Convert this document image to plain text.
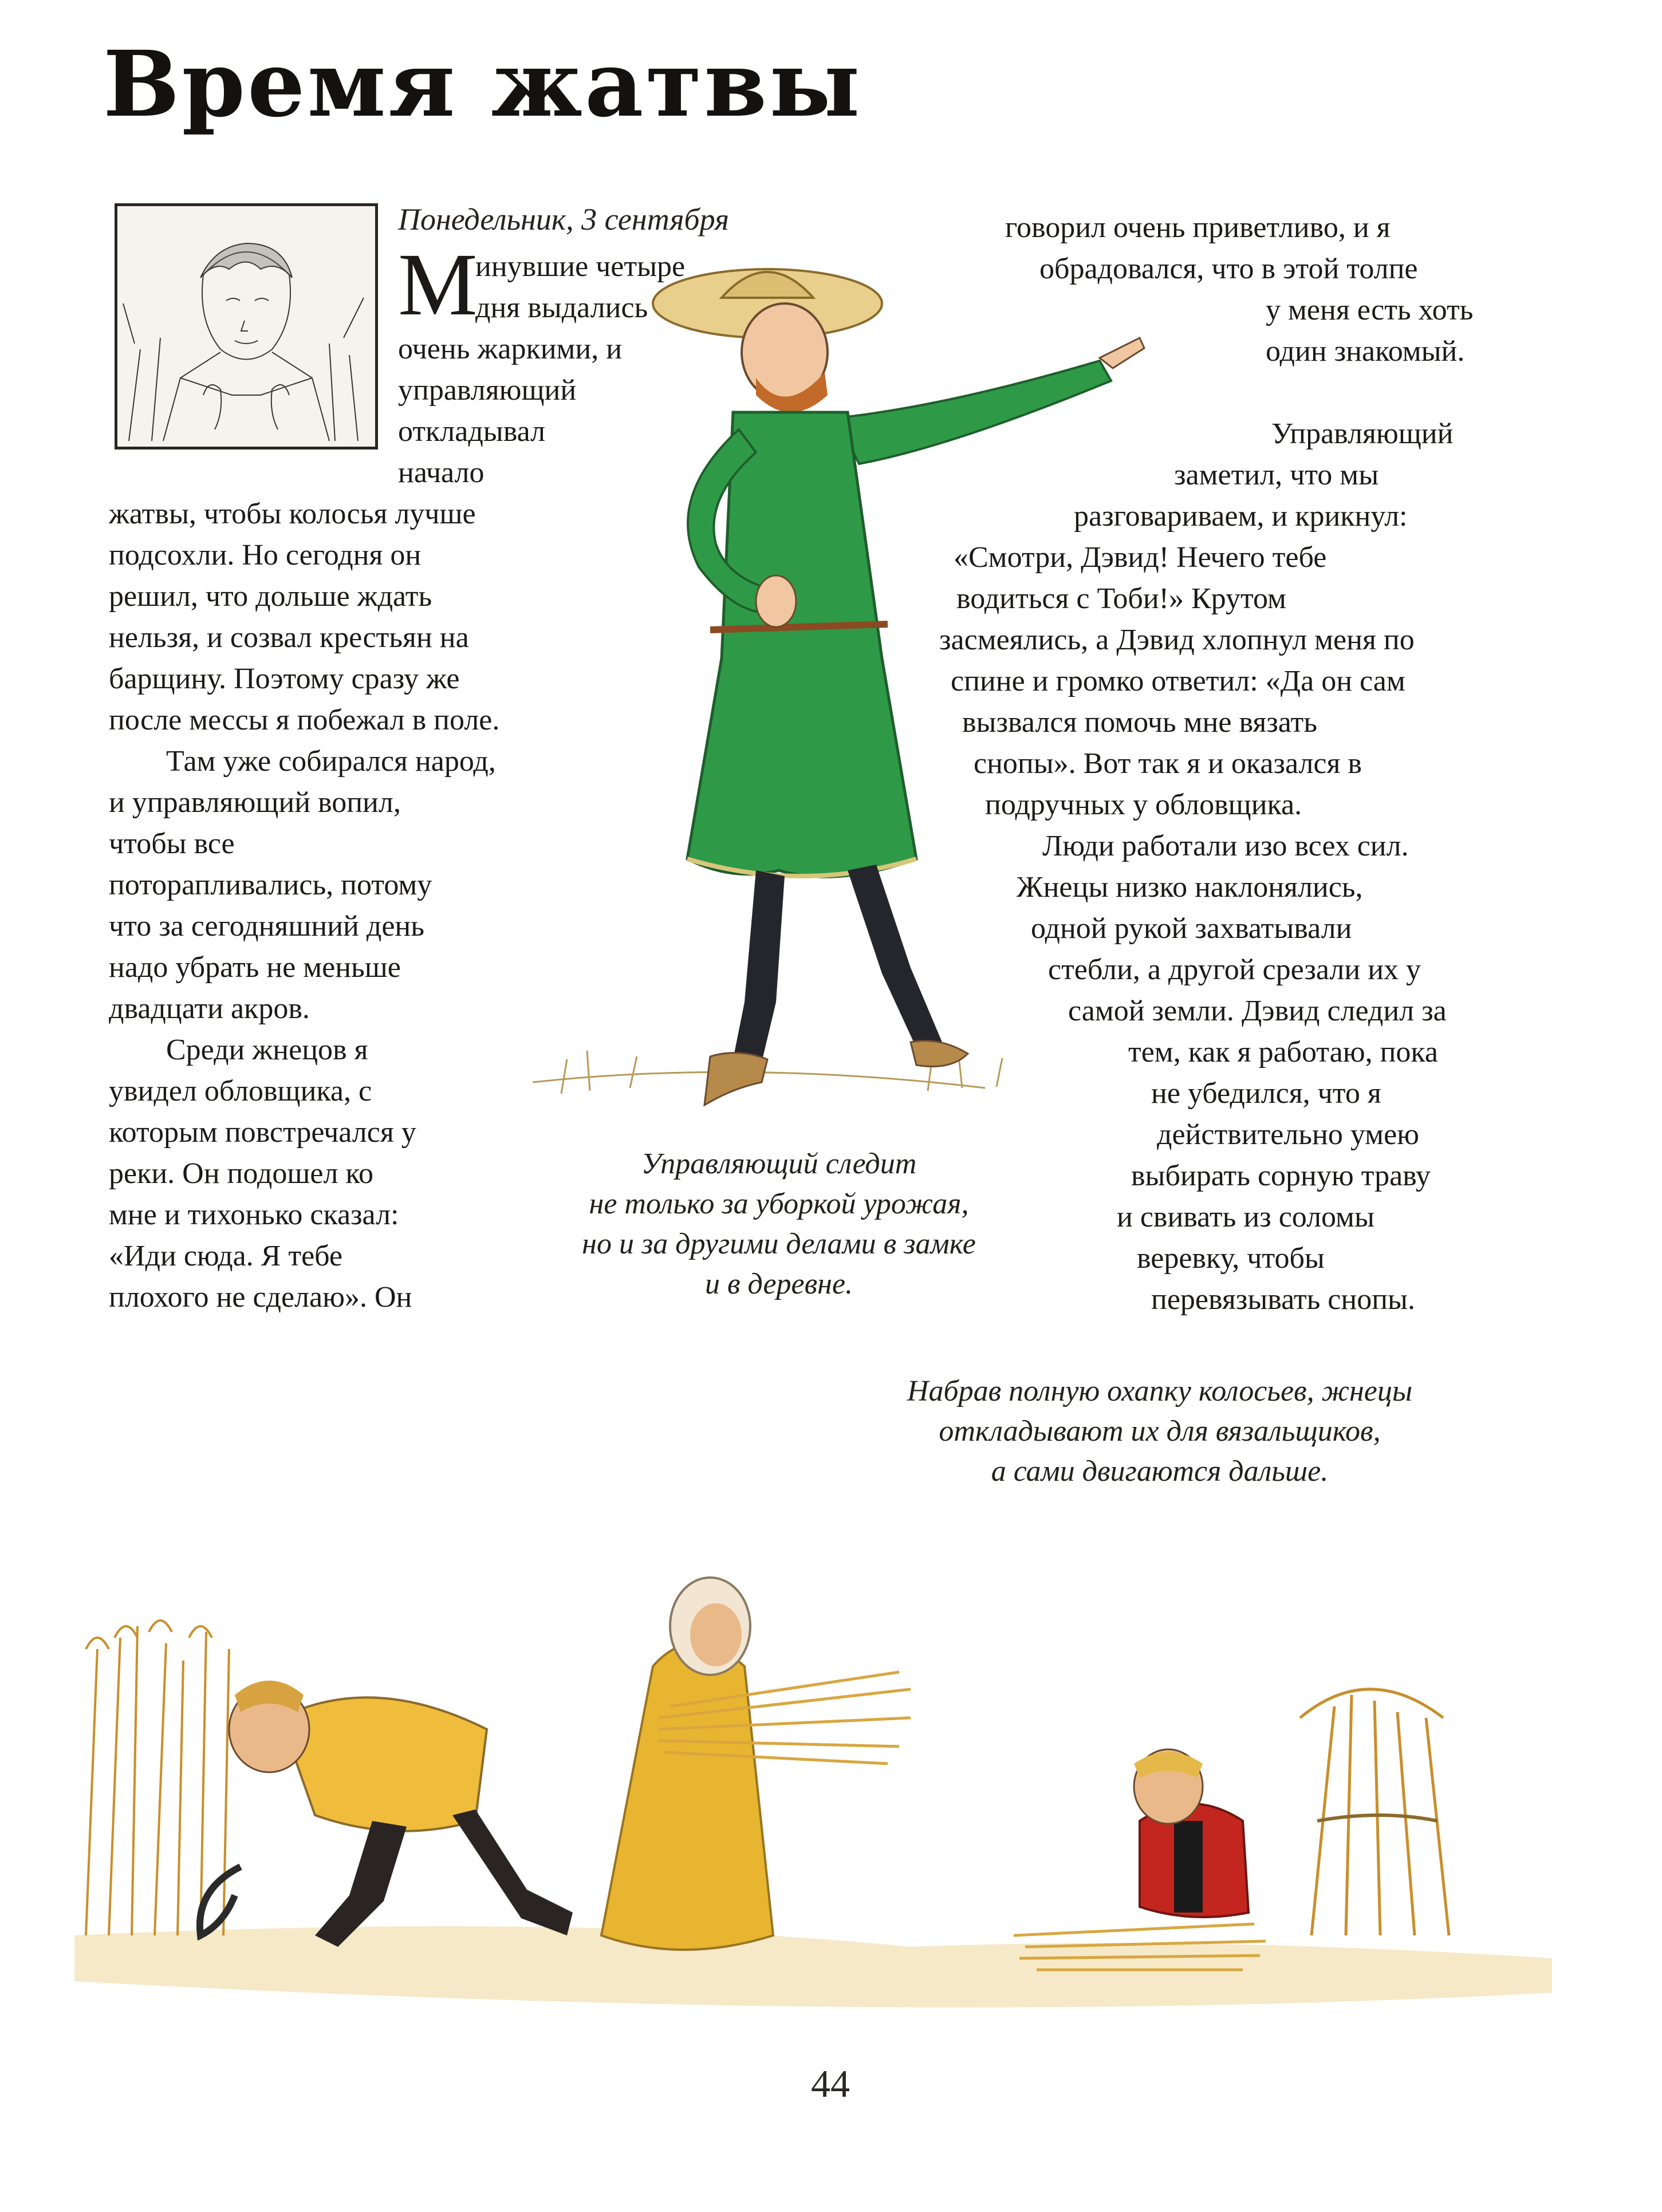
Время жатвы
Понедельник, 3 сентября
М
инувшие четыре
дня выдались
очень жаркими, и
управляющий
откладывал
начало
жатвы, чтобы колосья лучше
подсохли. Но сегодня он
решил, что дольше ждать
нельзя, и созвал крестьян на
барщину. Поэтому сразу же
после мессы я побежал в поле.
Там уже собирался народ,
и управляющий вопил,
чтобы все
поторапливались, потому
что за сегодняшний день
надо убрать не меньше
двадцати акров.
Среди жнецов я
увидел обловщика, с
которым повстречался у
реки. Он подошел ко
мне и тихонько сказал:
«Иди сюда. Я тебе
плохого не сделаю». Он
говорил очень приветливо, и я
обрадовался, что в этой толпе
у меня есть хоть
один знакомый.
Управляющий
заметил, что мы
разговариваем, и крикнул:
«Смотри, Дэвид! Нечего тебе
водиться с Тоби!» Крутом
засмеялись, а Дэвид хлопнул меня по
спине и громко ответил: «Да он сам
вызвался помочь мне вязать
снопы». Вот так я и оказался в
подручных у обловщика.
Люди работали изо всех сил.
Жнецы низко наклонялись,
одной рукой захватывали
стебли, а другой срезали их у
самой земли. Дэвид следил за
тем, как я работаю, пока
не убедился, что я
действительно умею
выбирать сорную траву
и свивать из соломы
веревку, чтобы
перевязывать снопы.
Управляющий следит
не только за уборкой урожая,
но и за другими делами в замке
и в деревне.
Набрав полную охапку колосьев, жнецы
откладывают их для вязальщиков,
а сами двигаются дальше.
44
